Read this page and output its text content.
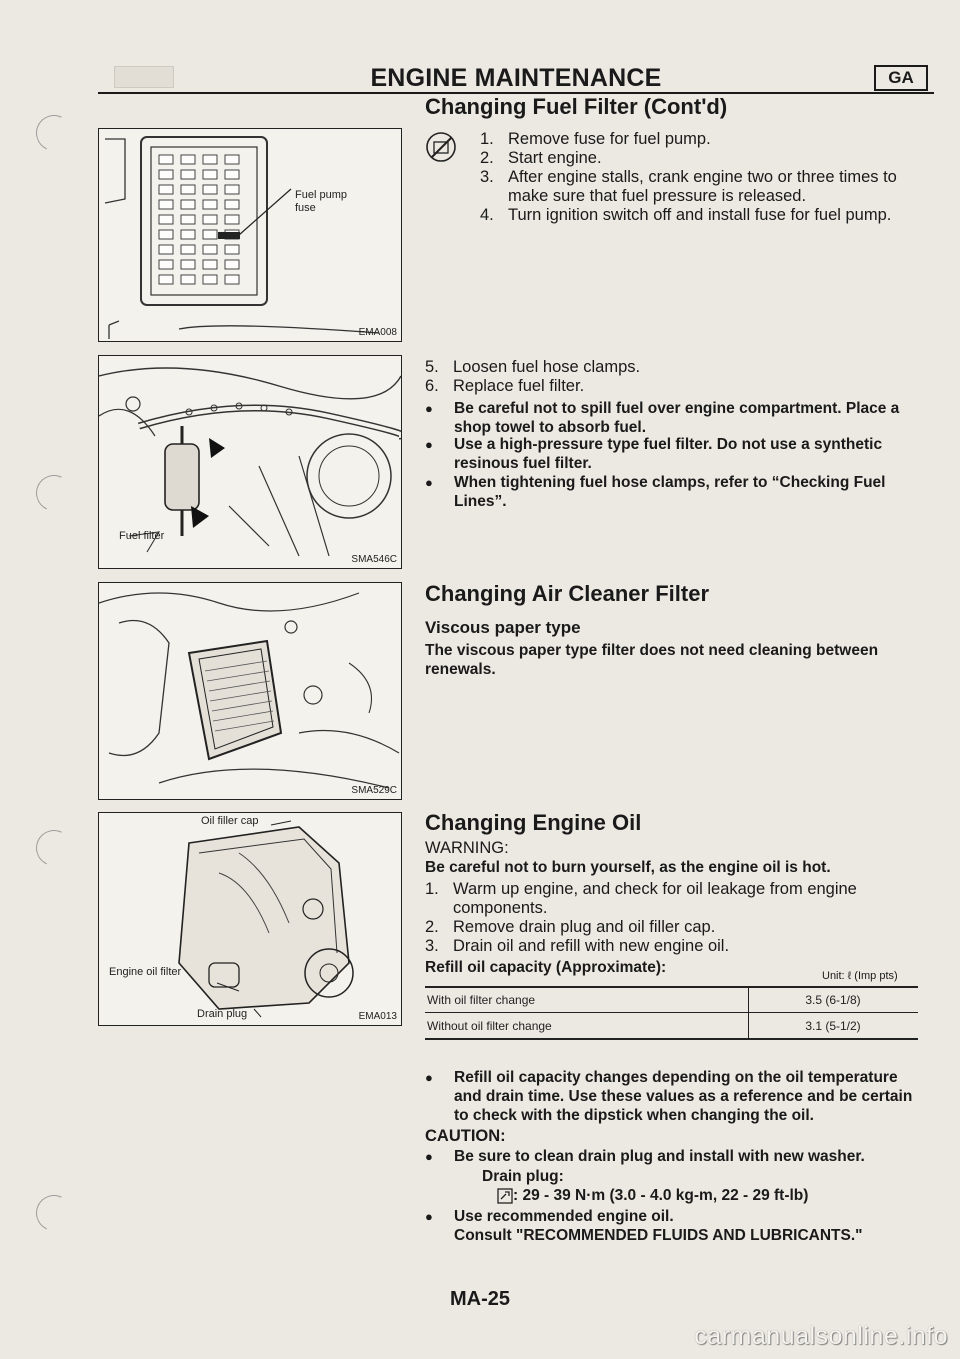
ENGINE MAINTENANCE	GA
Fuel pump
fuse
EMA008
Fuel filter
SMA546C
SMA529C
Oil filler cap
Engine oil filter
Drain plug	EMA013
Changing Fuel Filter (Cont'd)
1. Remove fuse for fuel pump.
2. Start engine.
3. After engine stalls, crank engine two or three times to make sure that fuel pressure is released.
4. Turn ignition switch off and install fuse for fuel pump.
5. Loosen fuel hose clamps.
6. Replace fuel filter.
● Be careful not to spill fuel over engine compartment. Place a shop towel to absorb fuel.
● Use a high-pressure type fuel filter. Do not use a synthetic resinous fuel filter.
● When tightening fuel hose clamps, refer to “Checking Fuel Lines”.
Changing Air Cleaner Filter
Viscous paper type
The viscous paper type filter does not need cleaning between renewals.
Changing Engine Oil
WARNING:
Be careful not to burn yourself, as the engine oil is hot.
1. Warm up engine, and check for oil leakage from engine components.
2. Remove drain plug and oil filler cap.
3. Drain oil and refill with new engine oil.
Refill oil capacity (Approximate):	Unit: ℓ (Imp pts)
With oil filter change	3.5 (6-1/8)
Without oil filter change	3.1 (5-1/2)
● Refill oil capacity changes depending on the oil temperature and drain time. Use these values as a reference and be certain to check with the dipstick when changing the oil.
CAUTION:
● Be sure to clean drain plug and install with new washer.
Drain plug:
: 29 - 39 N·m (3.0 - 4.0 kg-m, 22 - 29 ft-lb)
● Use recommended engine oil.
Consult "RECOMMENDED FLUIDS AND LUBRICANTS."
MA-25
carmanualsonline.info
